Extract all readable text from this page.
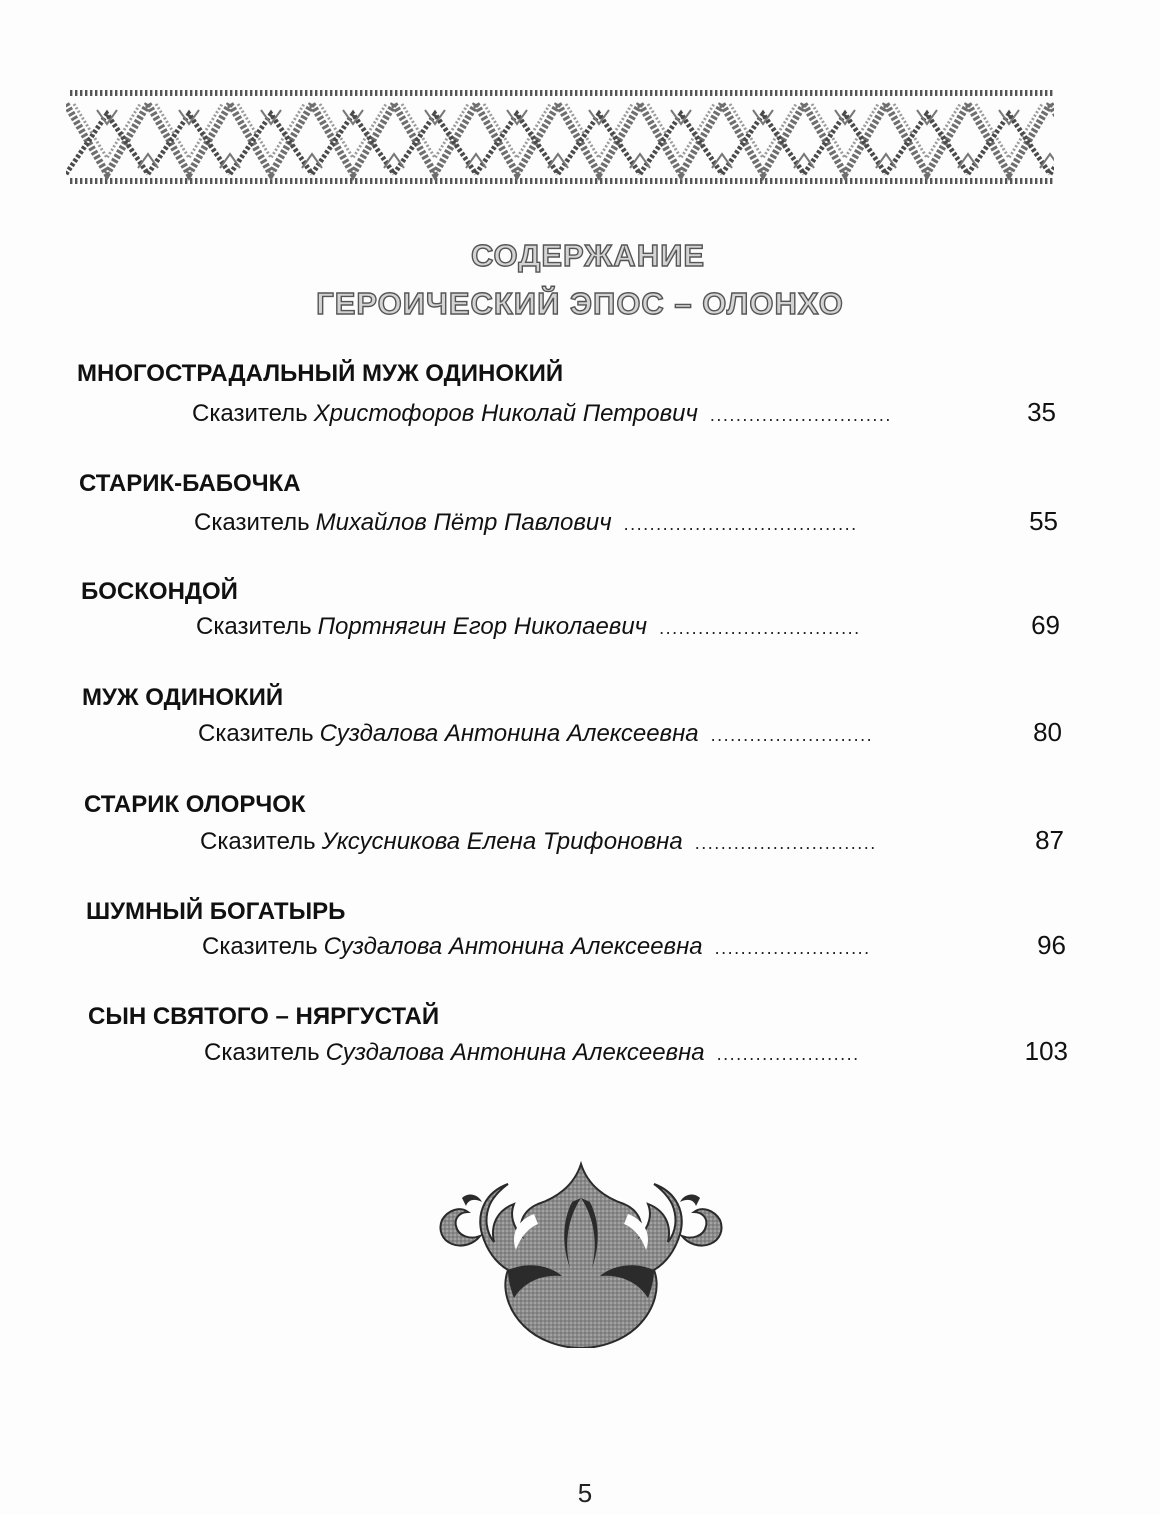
СОДЕРЖАНИЕ
ГЕРОИЧЕСКИЙ ЭПОС – ОЛОНХО
МНОГОСТРАДАЛЬНЫЙ МУЖ ОДИНОКИЙ
Сказитель Христофоров Николай Петрович ............................	35
СТАРИК-БАБОЧКА
Сказитель Михайлов Пётр Павлович ....................................	55
БОСКОНДОЙ
Сказитель Портнягин Егор Николаевич ...............................	69
МУЖ ОДИНОКИЙ
Сказитель Суздалова Антонина Алексеевна .........................	80
СТАРИК ОЛОРЧОК
Сказитель Уксусникова Елена Трифоновна ............................	87
ШУМНЫЙ БОГАТЫРЬ
Сказитель Суздалова Антонина Алексеевна ........................	96
СЫН СВЯТОГО – НЯРГУСТАЙ
Сказитель Суздалова Антонина Алексеевна ......................	103
5
